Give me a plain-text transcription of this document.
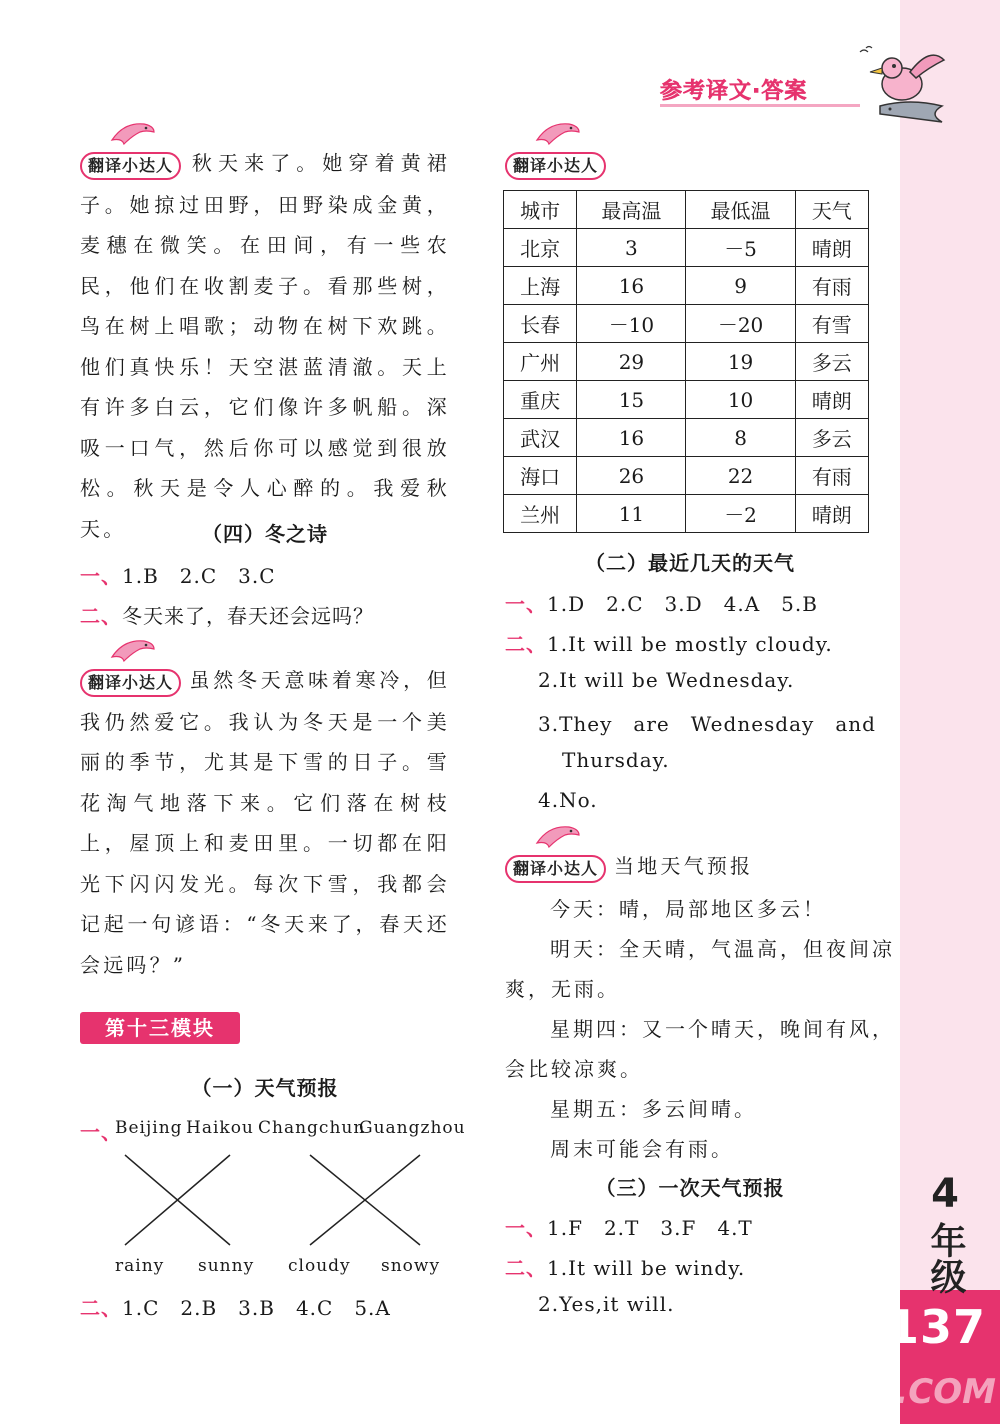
137
MXQE.COM
4
年级
参考译文·答案
翻译小达人 秋天来了。她穿着黄裙子。她掠过田野，田野染成金黄，麦穗在微笑。在田间，有一些农民，他们在收割麦子。看那些树，鸟在树上唱歌；动物在树下欢跳。他们真快乐！天空湛蓝清澈。天上有许多白云，它们像许多帆船。深吸一口气，然后你可以感觉到很放松。秋天是令人心醉的。我爱秋天。	（四）冬之诗
一、1.B　2.C　3.C
二、冬天来了，春天还会远吗？
翻译小达人 虽然冬天意味着寒冷，但我仍然爱它。我认为冬天是一个美丽的季节，尤其是下雪的日子。雪花淘气地落下来。它们落在树枝上，屋顶上和麦田里。一切都在阳光下闪闪发光。每次下雪，我都会记起一句谚语：“冬天来了，春天还会远吗？”
第十三模块
（一）天气预报
一、
Beijing Haikou Changchun
Guangzhou
rainy sunny cloudy snowy
二、1.C　2.B　3.B　4.C　5.A
翻译小达人
城市	最高温	最低温	天气
北京	3	－5	晴朗
上海	16	9	有雨
长春	－10	－20	有雪
广州	29	19	多云
重庆	15	10	晴朗
武汉	16	8	多云
海口	26	22	有雨
兰州	11	－2	晴朗
（二）最近几天的天气
一、1.D　2.C　3.D　4.A　5.B
二、1.It will be mostly cloudy.
2.It will be Wednesday.
3.They　are　Wednesday　and
Thursday.
4.No.
翻译小达人 当地天气预报
今天：晴，局部地区多云！
明天：全天晴，气温高，但夜间凉
爽，无雨。
星期四：又一个晴天，晚间有风，
会比较凉爽。
星期五：多云间晴。
周末可能会有雨。
（三）一次天气预报
一、1.F　2.T　3.F　4.T
二、1.It will be windy.
2.Yes,it will.
